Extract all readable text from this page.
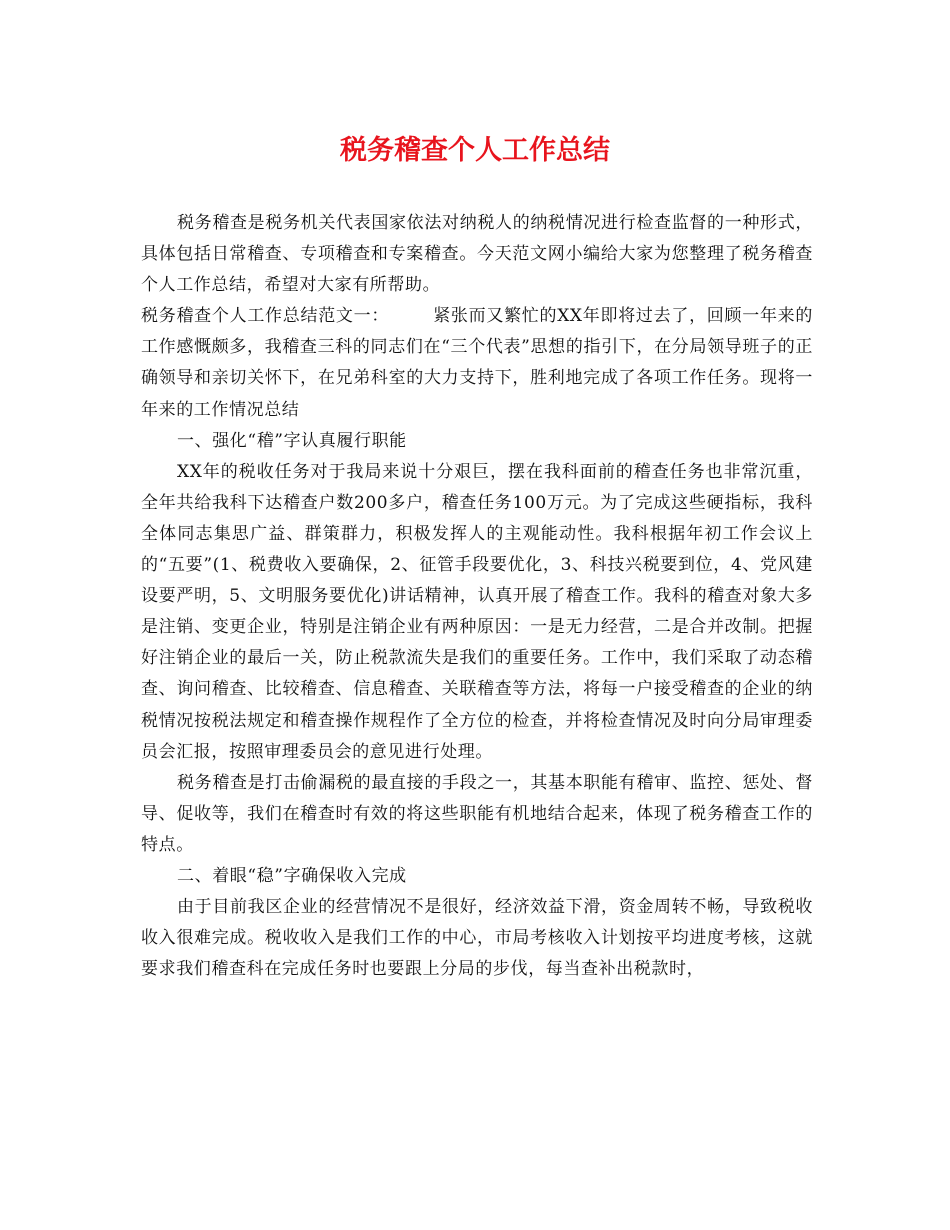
税务稽查个人工作总结

税务稽查是税务机关代表国家依法对纳税人的纳税情况进行检查监督的一种形式，具体包括日常稽查、专项稽查和专案稽查。今天范文网小编给大家为您整理了税务稽查个人工作总结，希望对大家有所帮助。

税务稽查个人工作总结范文一：	紧张而又繁忙的XX年即将过去了，回顾一年来的工作感慨颇多，我稽查三科的同志们在“三个代表”思想的指引下，在分局领导班子的正确领导和亲切关怀下，在兄弟科室的大力支持下，胜利地完成了各项工作任务。现将一年来的工作情况总结

一、强化“稽”字认真履行职能

XX年的税收任务对于我局来说十分艰巨，摆在我科面前的稽查任务也非常沉重，全年共给我科下达稽查户数200多户，稽查任务100万元。为了完成这些硬指标，我科全体同志集思广益、群策群力，积极发挥人的主观能动性。我科根据年初工作会议上的“五要”(1、税费收入要确保，2、征管手段要优化，3、科技兴税要到位，4、党风建设要严明，5、文明服务要优化)讲话精神，认真开展了稽查工作。我科的稽查对象大多是注销、变更企业，特别是注销企业有两种原因：一是无力经营，二是合并改制。把握好注销企业的最后一关，防止税款流失是我们的重要任务。工作中，我们采取了动态稽查、询问稽查、比较稽查、信息稽查、关联稽查等方法，将每一户接受稽查的企业的纳税情况按税法规定和稽查操作规程作了全方位的检查，并将检查情况及时向分局审理委员会汇报，按照审理委员会的意见进行处理。

税务稽查是打击偷漏税的最直接的手段之一，其基本职能有稽审、监控、惩处、督导、促收等，我们在稽查时有效的将这些职能有机地结合起来，体现了税务稽查工作的特点。

二、着眼“稳”字确保收入完成

由于目前我区企业的经营情况不是很好，经济效益下滑，资金周转不畅，导致税收收入很难完成。税收收入是我们工作的中心，市局考核收入计划按平均进度考核，这就要求我们稽查科在完成任务时也要跟上分局的步伐，每当查补出税款时，
